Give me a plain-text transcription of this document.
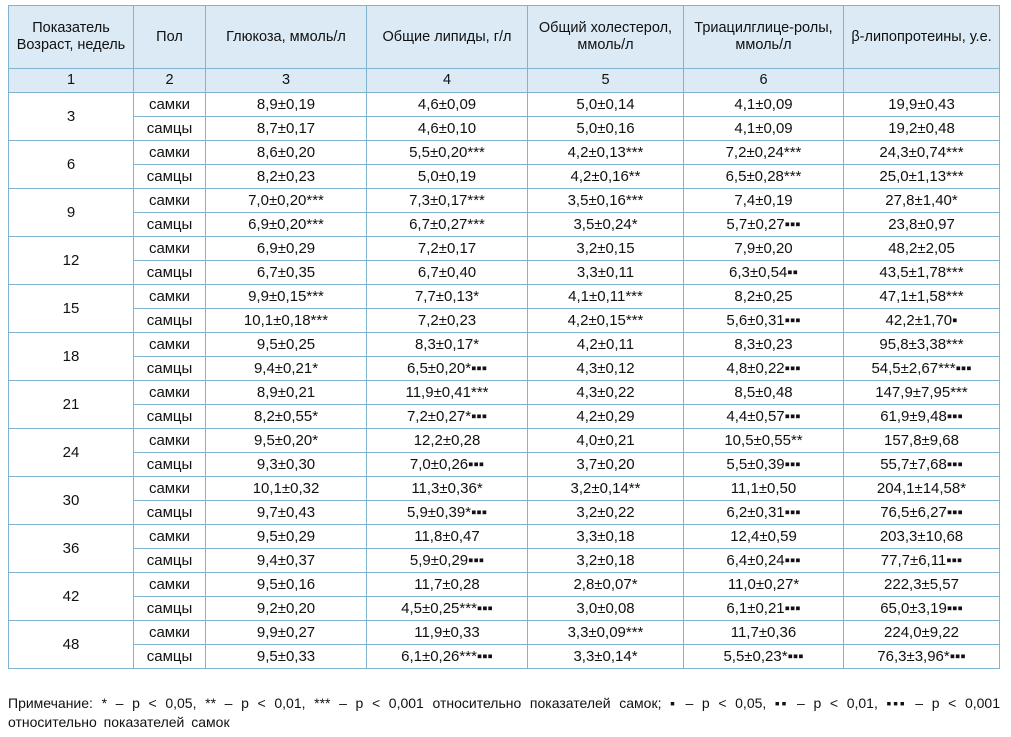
Показатель Возраст, недель	Пол	Глюкоза, ммоль/л	Общие липиды, г/л	Общий холестерол, ммоль/л	Триацилглице-ролы, ммоль/л	β-липопротеины, у.е.
1	2	3	4	5	6	
3	самки	8,9±0,19	4,6±0,09	5,0±0,14	4,1±0,09	19,9±0,43
	самцы	8,7±0,17	4,6±0,10	5,0±0,16	4,1±0,09	19,2±0,48
6	самки	8,6±0,20	5,5±0,20***	4,2±0,13***	7,2±0,24***	24,3±0,74***
	самцы	8,2±0,23	5,0±0,19	4,2±0,16**	6,5±0,28***	25,0±1,13***
9	самки	7,0±0,20***	7,3±0,17***	3,5±0,16***	7,4±0,19	27,8±1,40*
	самцы	6,9±0,20***	6,7±0,27***	3,5±0,24*	5,7±0,27▪▪▪	23,8±0,97
12	самки	6,9±0,29	7,2±0,17	3,2±0,15	7,9±0,20	48,2±2,05
	самцы	6,7±0,35	6,7±0,40	3,3±0,11	6,3±0,54▪▪	43,5±1,78***
15	самки	9,9±0,15***	7,7±0,13*	4,1±0,11***	8,2±0,25	47,1±1,58***
	самцы	10,1±0,18***	7,2±0,23	4,2±0,15***	5,6±0,31▪▪▪	42,2±1,70▪
18	самки	9,5±0,25	8,3±0,17*	4,2±0,11	8,3±0,23	95,8±3,38***
	самцы	9,4±0,21*	6,5±0,20*▪▪▪	4,3±0,12	4,8±0,22▪▪▪	54,5±2,67***▪▪▪
21	самки	8,9±0,21	11,9±0,41***	4,3±0,22	8,5±0,48	147,9±7,95***
	самцы	8,2±0,55*	7,2±0,27*▪▪▪	4,2±0,29	4,4±0,57▪▪▪	61,9±9,48▪▪▪
24	самки	9,5±0,20*	12,2±0,28	4,0±0,21	10,5±0,55**	157,8±9,68
	самцы	9,3±0,30	7,0±0,26▪▪▪	3,7±0,20	5,5±0,39▪▪▪	55,7±7,68▪▪▪
30	самки	10,1±0,32	11,3±0,36*	3,2±0,14**	11,1±0,50	204,1±14,58*
	самцы	9,7±0,43	5,9±0,39*▪▪▪	3,2±0,22	6,2±0,31▪▪▪	76,5±6,27▪▪▪
36	самки	9,5±0,29	11,8±0,47	3,3±0,18	12,4±0,59	203,3±10,68
	самцы	9,4±0,37	5,9±0,29▪▪▪	3,2±0,18	6,4±0,24▪▪▪	77,7±6,11▪▪▪
42	самки	9,5±0,16	11,7±0,28	2,8±0,07*	11,0±0,27*	222,3±5,57
	самцы	9,2±0,20	4,5±0,25***▪▪▪	3,0±0,08	6,1±0,21▪▪▪	65,0±3,19▪▪▪
48	самки	9,9±0,27	11,9±0,33	3,3±0,09***	11,7±0,36	224,0±9,22
	самцы	9,5±0,33	6,1±0,26***▪▪▪	3,3±0,14*	5,5±0,23*▪▪▪	76,3±3,96*▪▪▪
Примечание: * – p < 0,05, ** – p < 0,01, *** – p < 0,001 относительно показателей самок; ▪ – p < 0,05, ▪▪ – p < 0,01, ▪▪▪ – p < 0,001 относительно показателей самок
